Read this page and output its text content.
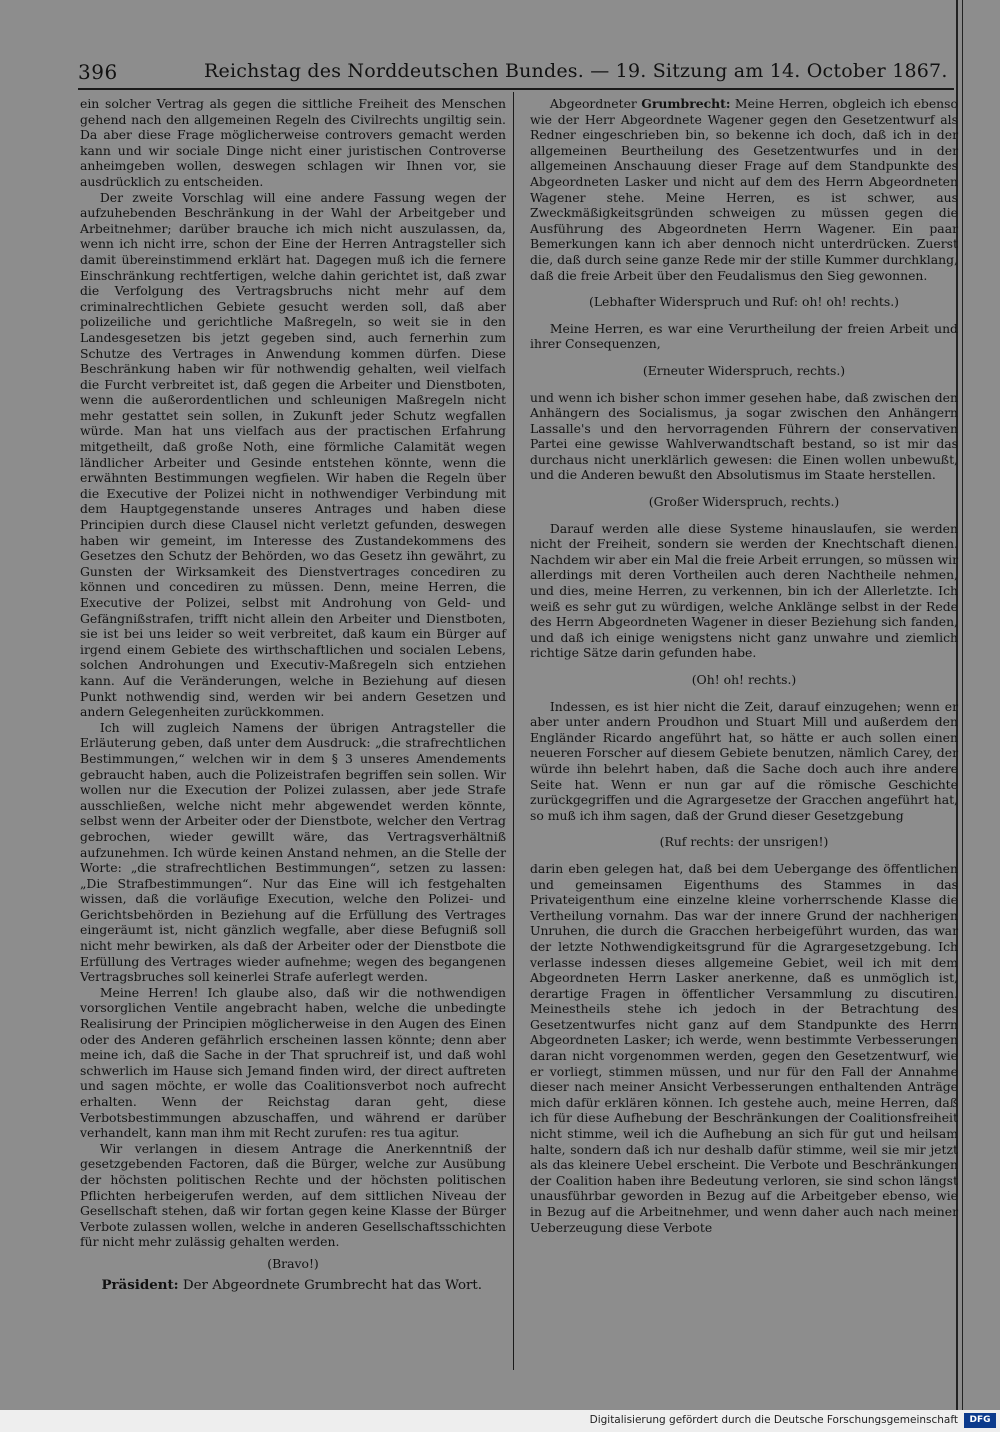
396	Reichstag des Norddeutschen Bundes. — 19. Sitzung am 14. October 1867.

ein solcher Vertrag als gegen die sittliche Freiheit des Menschen gehend nach den allgemeinen Regeln des Civilrechts ungiltig sein. Da aber diese Frage möglicherweise controvers gemacht werden kann und wir sociale Dinge nicht einer juristischen Controverse anheimgeben wollen, deswegen schlagen wir Ihnen vor, sie ausdrücklich zu entscheiden.

Der zweite Vorschlag will eine andere Fassung wegen der aufzuhebenden Beschränkung in der Wahl der Arbeitgeber und Arbeitnehmer; darüber brauche ich mich nicht auszulassen, da, wenn ich nicht irre, schon der Eine der Herren Antragsteller sich damit übereinstimmend erklärt hat. Dagegen muß ich die fernere Einschränkung rechtfertigen, welche dahin gerichtet ist, daß zwar die Verfolgung des Vertragsbruchs nicht mehr auf dem criminalrechtlichen Gebiete gesucht werden soll, daß aber polizeiliche und gerichtliche Maßregeln, so weit sie in den Landesgesetzen bis jetzt gegeben sind, auch fernerhin zum Schutze des Vertrages in Anwendung kommen dürfen. Diese Beschränkung haben wir für nothwendig gehalten, weil vielfach die Furcht verbreitet ist, daß gegen die Arbeiter und Dienstboten, wenn die außerordentlichen und schleunigen Maßregeln nicht mehr gestattet sein sollen, in Zukunft jeder Schutz wegfallen würde. Man hat uns vielfach aus der practischen Erfahrung mitgetheilt, daß große Noth, eine förmliche Calamität wegen ländlicher Arbeiter und Gesinde entstehen könnte, wenn die erwähnten Bestimmungen wegfielen. Wir haben die Regeln über die Executive der Polizei nicht in nothwendiger Verbindung mit dem Hauptgegenstande unseres Antrages und haben diese Principien durch diese Clausel nicht verletzt gefunden, deswegen haben wir gemeint, im Interesse des Zustandekommens des Gesetzes den Schutz der Behörden, wo das Gesetz ihn gewährt, zu Gunsten der Wirksamkeit des Dienstvertrages concediren zu können und concediren zu müssen. Denn, meine Herren, die Executive der Polizei, selbst mit Androhung von Geld- und Gefängnißstrafen, trifft nicht allein den Arbeiter und Dienstboten, sie ist bei uns leider so weit verbreitet, daß kaum ein Bürger auf irgend einem Gebiete des wirthschaftlichen und socialen Lebens, solchen Androhungen und Executiv-Maßregeln sich entziehen kann. Auf die Veränderungen, welche in Beziehung auf diesen Punkt nothwendig sind, werden wir bei andern Gesetzen und andern Gelegenheiten zurückkommen.

Ich will zugleich Namens der übrigen Antragsteller die Erläuterung geben, daß unter dem Ausdruck: „die strafrechtlichen Bestimmungen,“ welchen wir in dem § 3 unseres Amendements gebraucht haben, auch die Polizeistrafen begriffen sein sollen. Wir wollen nur die Execution der Polizei zulassen, aber jede Strafe ausschließen, welche nicht mehr abgewendet werden könnte, selbst wenn der Arbeiter oder der Dienstbote, welcher den Vertrag gebrochen, wieder gewillt wäre, das Vertragsverhältniß aufzunehmen. Ich würde keinen Anstand nehmen, an die Stelle der Worte: „die strafrechtlichen Bestimmungen“, setzen zu lassen: „Die Strafbestimmungen“. Nur das Eine will ich festgehalten wissen, daß die vorläufige Execution, welche den Polizei- und Gerichtsbehörden in Beziehung auf die Erfüllung des Vertrages eingeräumt ist, nicht gänzlich wegfalle, aber diese Befugniß soll nicht mehr bewirken, als daß der Arbeiter oder der Dienstbote die Erfüllung des Vertrages wieder aufnehme; wegen des begangenen Vertragsbruches soll keinerlei Strafe auferlegt werden.

Meine Herren! Ich glaube also, daß wir die nothwendigen vorsorglichen Ventile angebracht haben, welche die unbedingte Realisirung der Principien möglicherweise in den Augen des Einen oder des Anderen gefährlich erscheinen lassen könnte; denn aber meine ich, daß die Sache in der That spruchreif ist, und daß wohl schwerlich im Hause sich Jemand finden wird, der direct auftreten und sagen möchte, er wolle das Coalitionsverbot noch aufrecht erhalten. Wenn der Reichstag daran geht, diese Verbotsbestimmungen abzuschaffen, und während er darüber verhandelt, kann man ihm mit Recht zurufen: res tua agitur.

Wir verlangen in diesem Antrage die Anerkenntniß der gesetzgebenden Factoren, daß die Bürger, welche zur Ausübung der höchsten politischen Rechte und der höchsten politischen Pflichten herbeigerufen werden, auf dem sittlichen Niveau der Gesellschaft stehen, daß wir fortan gegen keine Klasse der Bürger Verbote zulassen wollen, welche in anderen Gesellschaftsschichten für nicht mehr zulässig gehalten werden.

(Bravo!)

Präsident: Der Abgeordnete Grumbrecht hat das Wort.

Abgeordneter Grumbrecht: Meine Herren, obgleich ich ebenso wie der Herr Abgeordnete Wagener gegen den Gesetzentwurf als Redner eingeschrieben bin, so bekenne ich doch, daß ich in der allgemeinen Beurtheilung des Gesetzentwurfes und in der allgemeinen Anschauung dieser Frage auf dem Standpunkte des Abgeordneten Lasker und nicht auf dem des Herrn Abgeordneten Wagener stehe. Meine Herren, es ist schwer, aus Zweckmäßigkeitsgründen schweigen zu müssen gegen die Ausführung des Abgeordneten Herrn Wagener. Ein paar Bemerkungen kann ich aber dennoch nicht unterdrücken. Zuerst die, daß durch seine ganze Rede mir der stille Kummer durchklang, daß die freie Arbeit über den Feudalismus den Sieg gewonnen.

(Lebhafter Widerspruch und Ruf: oh! oh! rechts.)

Meine Herren, es war eine Verurtheilung der freien Arbeit und ihrer Consequenzen,

(Erneuter Widerspruch, rechts.)

und wenn ich bisher schon immer gesehen habe, daß zwischen den Anhängern des Socialismus, ja sogar zwischen den Anhängern Lassalle's und den hervorragenden Führern der conservativen Partei eine gewisse Wahlverwandtschaft bestand, so ist mir das durchaus nicht unerklärlich gewesen: die Einen wollen unbewußt, und die Anderen bewußt den Absolutismus im Staate herstellen.

(Großer Widerspruch, rechts.)

Darauf werden alle diese Systeme hinauslaufen, sie werden nicht der Freiheit, sondern sie werden der Knechtschaft dienen. Nachdem wir aber ein Mal die freie Arbeit errungen, so müssen wir allerdings mit deren Vortheilen auch deren Nachtheile nehmen, und dies, meine Herren, zu verkennen, bin ich der Allerletzte. Ich weiß es sehr gut zu würdigen, welche Anklänge selbst in der Rede des Herrn Abgeordneten Wagener in dieser Beziehung sich fanden, und daß ich einige wenigstens nicht ganz unwahre und ziemlich richtige Sätze darin gefunden habe.

(Oh! oh! rechts.)

Indessen, es ist hier nicht die Zeit, darauf einzugehen; wenn er aber unter andern Proudhon und Stuart Mill und außerdem den Engländer Ricardo angeführt hat, so hätte er auch sollen einen neueren Forscher auf diesem Gebiete benutzen, nämlich Carey, der würde ihn belehrt haben, daß die Sache doch auch ihre andere Seite hat. Wenn er nun gar auf die römische Geschichte zurückgegriffen und die Agrargesetze der Gracchen angeführt hat, so muß ich ihm sagen, daß der Grund dieser Gesetzgebung

(Ruf rechts: der unsrigen!)

darin eben gelegen hat, daß bei dem Uebergange des öffentlichen und gemeinsamen Eigenthums des Stammes in das Privateigenthum eine einzelne kleine vorherrschende Klasse die Vertheilung vornahm. Das war der innere Grund der nachherigen Unruhen, die durch die Gracchen herbeigeführt wurden, das war der letzte Nothwendigkeitsgrund für die Agrargesetzgebung. Ich verlasse indessen dieses allgemeine Gebiet, weil ich mit dem Abgeordneten Herrn Lasker anerkenne, daß es unmöglich ist, derartige Fragen in öffentlicher Versammlung zu discutiren. Meinestheils stehe ich jedoch in der Betrachtung des Gesetzentwurfes nicht ganz auf dem Standpunkte des Herrn Abgeordneten Lasker; ich werde, wenn bestimmte Verbesserungen daran nicht vorgenommen werden, gegen den Gesetzentwurf, wie er vorliegt, stimmen müssen, und nur für den Fall der Annahme dieser nach meiner Ansicht Verbesserungen enthaltenden Anträge mich dafür erklären können. Ich gestehe auch, meine Herren, daß ich für diese Aufhebung der Beschränkungen der Coalitionsfreiheit nicht stimme, weil ich die Aufhebung an sich für gut und heilsam halte, sondern daß ich nur deshalb dafür stimme, weil sie mir jetzt als das kleinere Uebel erscheint. Die Verbote und Beschränkungen der Coalition haben ihre Bedeutung verloren, sie sind schon längst unausführbar geworden in Bezug auf die Arbeitgeber ebenso, wie in Bezug auf die Arbeitnehmer, und wenn daher auch nach meiner Ueberzeugung diese Verbote

Digitalisierung gefördert durch die Deutsche Forschungsgemeinschaft	DFG
